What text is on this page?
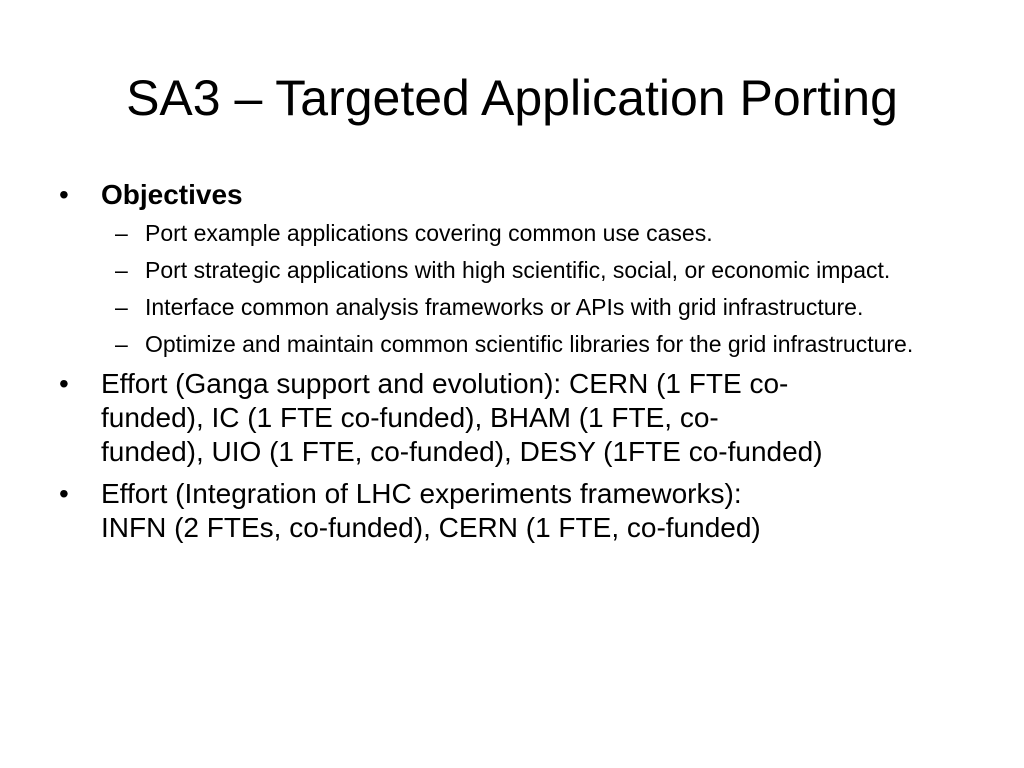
SA3 – Targeted Application Porting
• Objectives
– Port example applications covering common use cases.
– Port strategic applications with high scientific, social, or economic impact.
– Interface common analysis frameworks or APIs with grid infrastructure.
– Optimize and maintain common scientific libraries for the grid infrastructure.
• Effort (Ganga support and evolution): CERN (1 FTE co-
funded), IC (1 FTE co-funded), BHAM (1 FTE, co-
funded), UIO (1 FTE, co-funded), DESY (1FTE co-funded)
• Effort (Integration of LHC experiments frameworks):
INFN (2 FTEs, co-funded), CERN (1 FTE, co-funded)
